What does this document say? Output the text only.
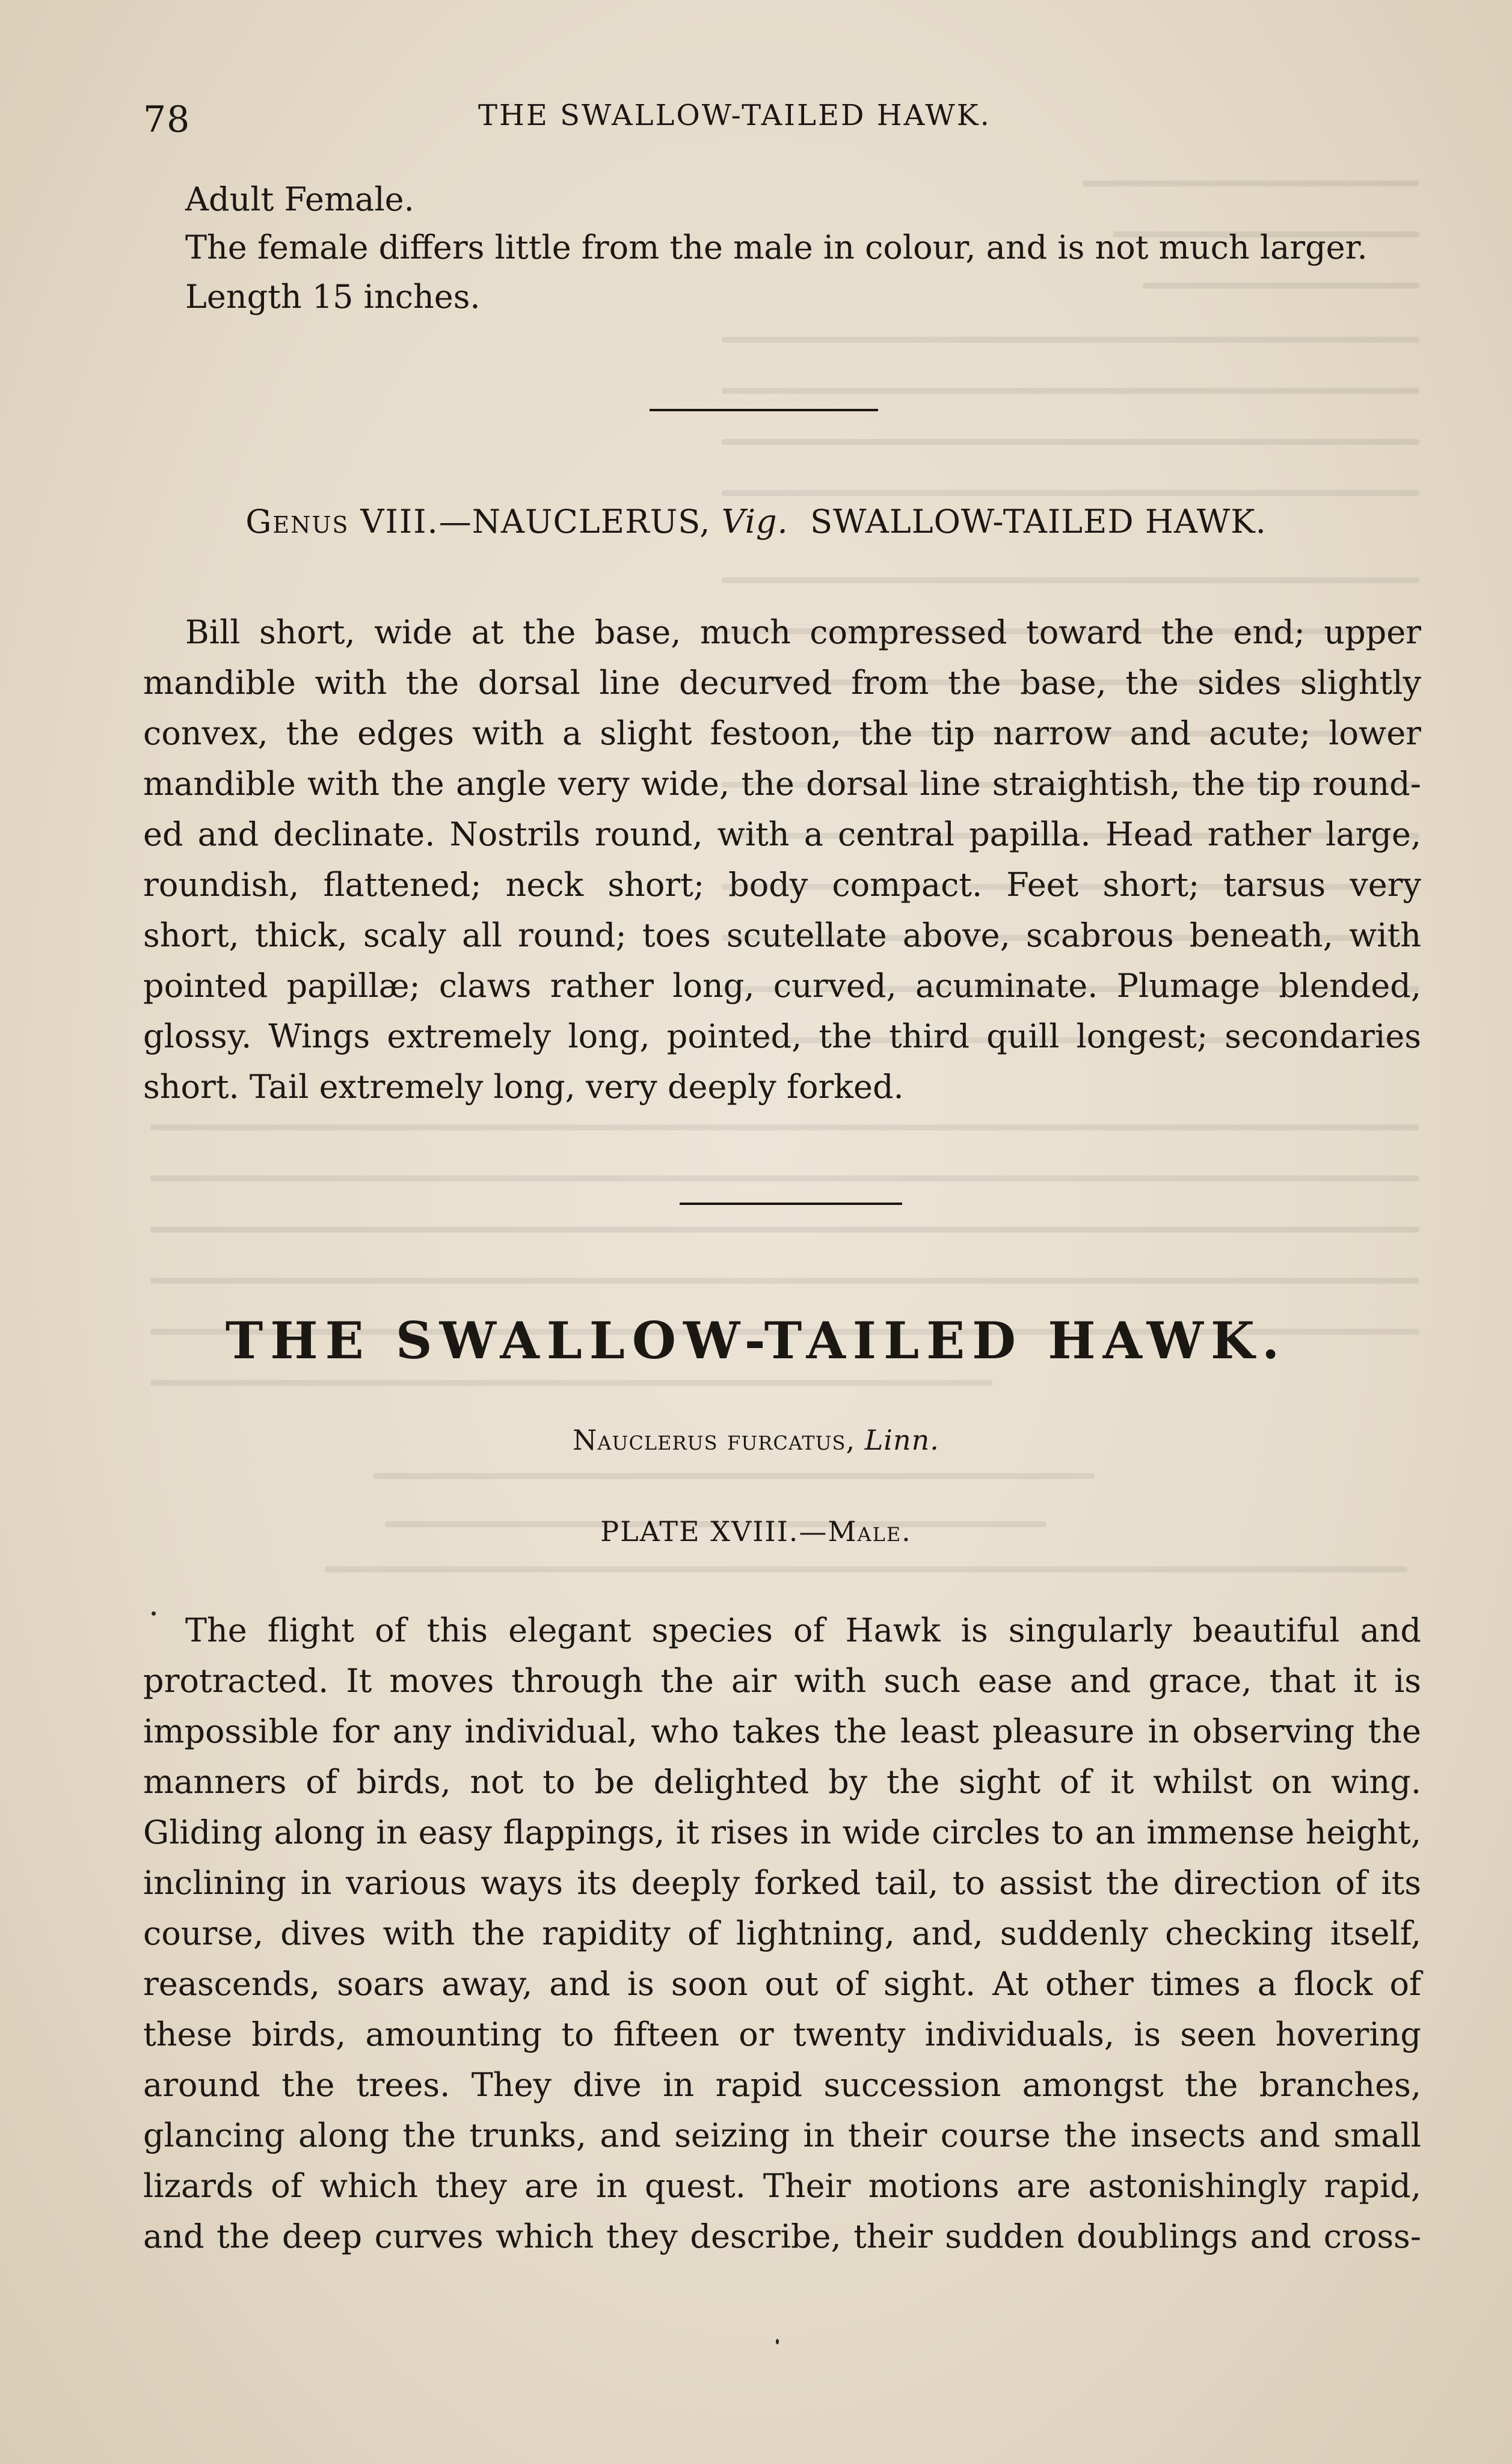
78	THE SWALLOW-TAILED HAWK.

Adult Female.

The female differs little from the male in colour, and is not much larger.

Length 15 inches.

Genus VIII.—NAUCLERUS, Vig. SWALLOW-TAILED HAWK.

Bill short, wide at the base, much compressed toward the end; upper

mandible with the dorsal line decurved from the base, the sides slightly

convex, the edges with a slight festoon, the tip narrow and acute; lower

mandible with the angle very wide, the dorsal line straightish, the tip round-

ed and declinate. Nostrils round, with a central papilla. Head rather large,

roundish, flattened; neck short; body compact. Feet short; tarsus very

short, thick, scaly all round; toes scutellate above, scabrous beneath, with

pointed papillæ; claws rather long, curved, acuminate. Plumage blended,

glossy. Wings extremely long, pointed, the third quill longest; secondaries

short. Tail extremely long, very deeply forked.

THE SWALLOW-TAILED HAWK.
Nauclerus furcatus, Linn.
PLATE XVIII.—Male.

The flight of this elegant species of Hawk is singularly beautiful and

protracted. It moves through the air with such ease and grace, that it is

impossible for any individual, who takes the least pleasure in observing the

manners of birds, not to be delighted by the sight of it whilst on wing.

Gliding along in easy flappings, it rises in wide circles to an immense height,

inclining in various ways its deeply forked tail, to assist the direction of its

course, dives with the rapidity of lightning, and, suddenly checking itself,

reascends, soars away, and is soon out of sight. At other times a flock of

these birds, amounting to fifteen or twenty individuals, is seen hovering

around the trees. They dive in rapid succession amongst the branches,

glancing along the trunks, and seizing in their course the insects and small

lizards of which they are in quest. Their motions are astonishingly rapid,

and the deep curves which they describe, their sudden doublings and cross-
